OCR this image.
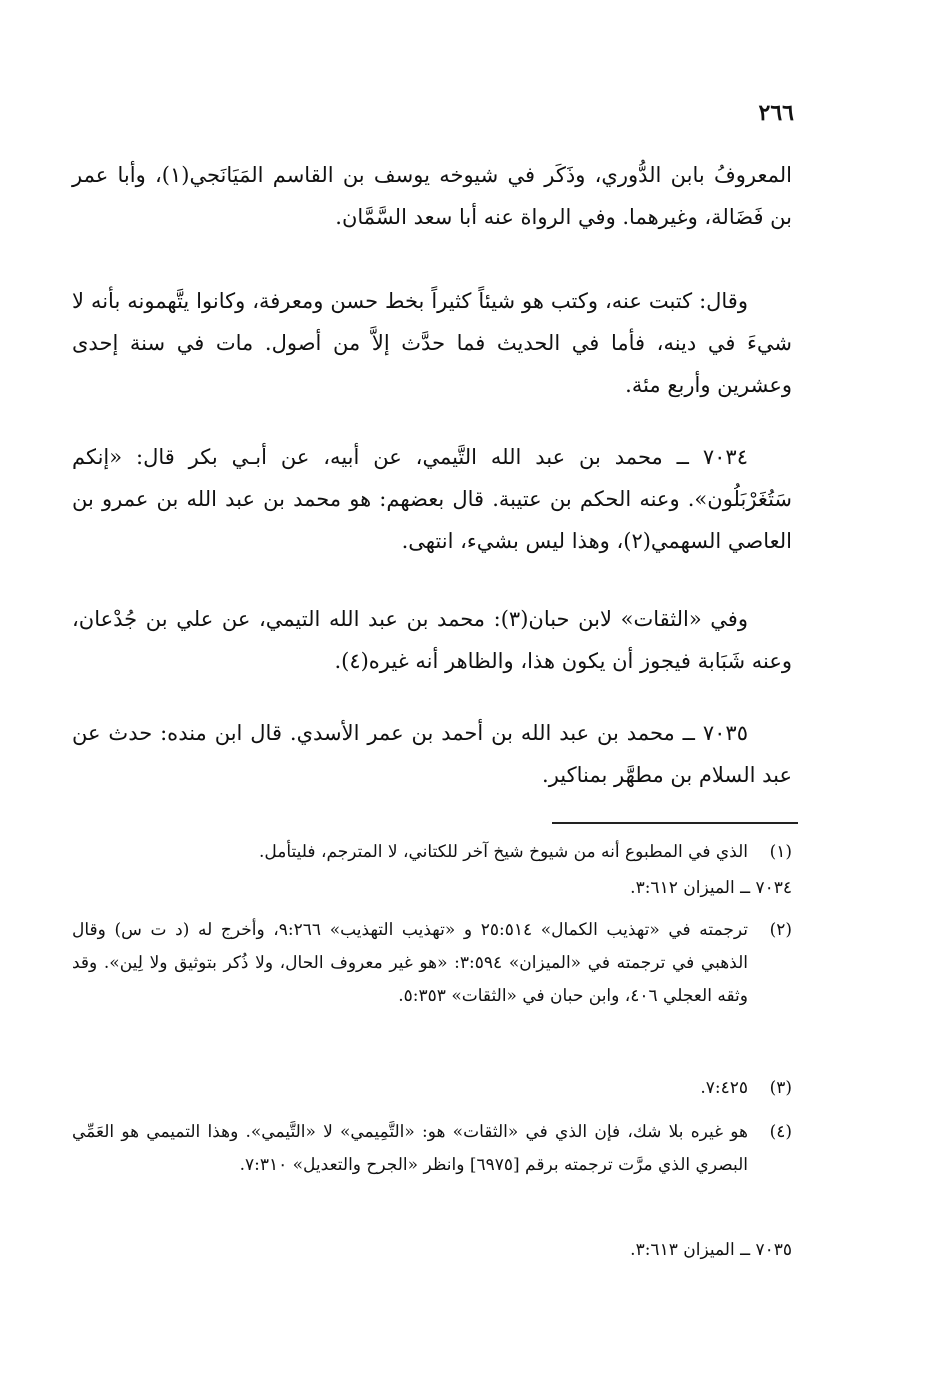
٢٦٦

المعروفُ بابن الدُّوري، وذَكَر في شيوخه يوسف بن القاسم المَيَانَجي(١)، وأبا عمر بن فَضَالة، وغيرهما. وفي الرواة عنه أبا سعد السَّمَّان.

وقال: كتبت عنه، وكتب هو شيئاً كثيراً بخط حسن ومعرفة، وكانوا يتَّهمونه بأنه لا شيءَ في دينه، فأما في الحديث فما حدَّث إلاَّ من أصول. مات في سنة إحدى وعشرين وأربع مئة.

٧٠٣٤ ــ محمد بن عبد الله التَّيمي، عن أبيه، عن أبـي بكر قال: «إنكم سَتُغَرْبَلُون». وعنه الحكم بن عتيبة. قال بعضهم: هو محمد بن عبد الله بن عمرو بن العاصي السهمي(٢)، وهذا ليس بشيء، انتهى.

وفي «الثقات» لابن حبان(٣): محمد بن عبد الله التيمي، عن علي بن جُدْعان، وعنه شَبَابة فيجوز أن يكون هذا، والظاهر أنه غيره(٤).

٧٠٣٥ ــ محمد بن عبد الله بن أحمد بن عمر الأسدي. قال ابن منده: حدث عن عبد السلام بن مطهَّر بمناكير.

(١)الذي في المطبوع أنه من شيوخ شيخ آخر للكتاني، لا المترجم، فليتأمل.
٧٠٣٤ ــ الميزان ٣:٦١٢.
(٢)ترجمته في «تهذيب الكمال» ٢٥:٥١٤ و «تهذيب التهذيب» ٩:٢٦٦، وأخرج له (د ت س) وقال الذهبي في ترجمته في «الميزان» ٣:٥٩٤: «هو غير معروف الحال، ولا ذُكر بتوثيق ولا لِين». وقد وثقه العجلي ٤٠٦، وابن حبان في «الثقات» ٥:٣٥٣.
(٣)٧:٤٢٥.
(٤)هو غيره بلا شك، فإن الذي في «الثقات» هو: «التَّمِيمي» لا «التَّيمي». وهذا التميمي هو العَمِّي البصري الذي مرَّت ترجمته برقم [٦٩٧٥] وانظر «الجرح والتعديل» ٧:٣١٠.
٧٠٣٥ ــ الميزان ٣:٦١٣.
